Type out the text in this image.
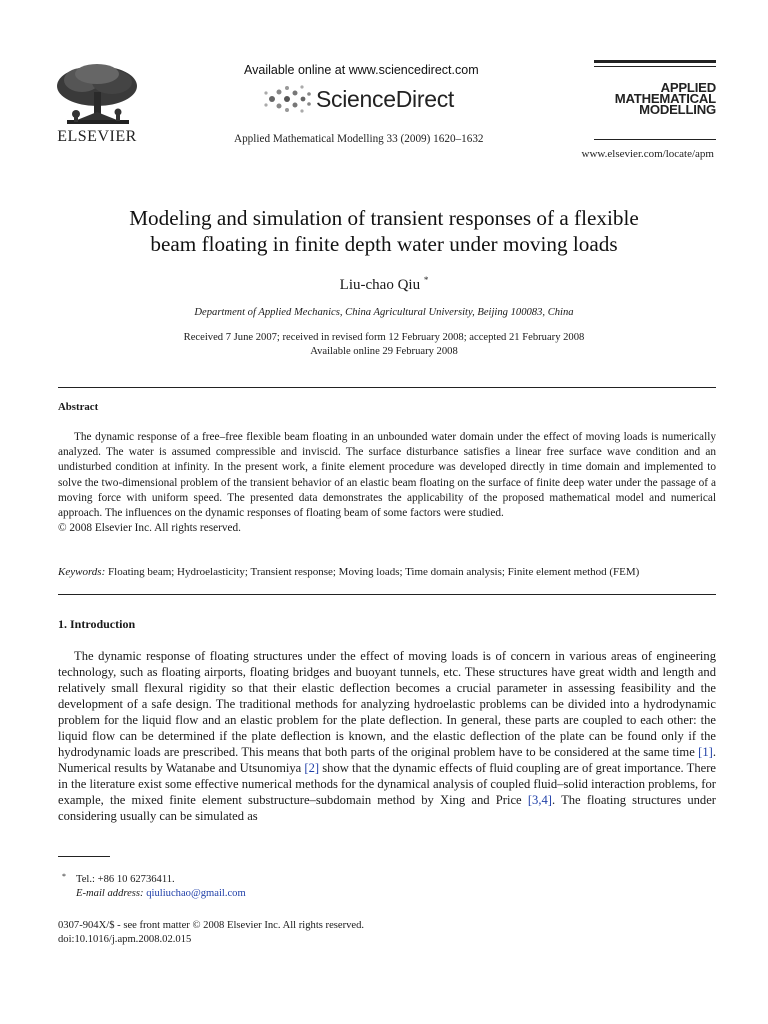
ELSEVIER
Available online at www.sciencedirect.com
ScienceDirect
Applied Mathematical Modelling 33 (2009) 1620–1632
APPLIED
MATHEMATICAL
MODELLING
www.elsevier.com/locate/apm
Modeling and simulation of transient responses of a flexible
beam floating in finite depth water under moving loads
Liu-chao Qiu *
Department of Applied Mechanics, China Agricultural University, Beijing 100083, China
Received 7 June 2007; received in revised form 12 February 2008; accepted 21 February 2008
Available online 29 February 2008
Abstract

The dynamic response of a free–free flexible beam floating in an unbounded water domain under the effect of moving loads is numerically analyzed. The water is assumed compressible and inviscid. The surface disturbance satisfies a linear free surface wave condition and an undisturbed condition at infinity. In the present work, a finite element procedure was developed directly in time domain and implemented to solve the two-dimensional problem of the transient behavior of an elastic beam floating on the surface of finite deep water under the passage of a moving force with uniform speed. The presented data demonstrates the applicability of the proposed mathematical model and numerical approach. The influences on the dynamic responses of floating beam of some factors were studied.

© 2008 Elsevier Inc. All rights reserved.

Keywords: Floating beam; Hydroelasticity; Transient response; Moving loads; Time domain analysis; Finite element method (FEM)
1. Introduction

The dynamic response of floating structures under the effect of moving loads is of concern in various areas of engineering technology, such as floating airports, floating bridges and buoyant tunnels, etc. These structures have great width and length and relatively small flexural rigidity so that their elastic deflection becomes a crucial parameter in assessing feasibility and the development of a safe design. The traditional methods for analyzing hydroelastic problems can be divided into a hydrodynamic problem for the liquid flow and an elastic problem for the plate deflection. In general, these parts are coupled to each other: the liquid flow can be determined if the plate deflection is known, and the elastic deflection of the plate can be found only if the hydrodynamic loads are prescribed. This means that both parts of the original problem have to be considered at the same time [1]. Numerical results by Watanabe and Utsunomiya [2] show that the dynamic effects of fluid coupling are of great importance. There in the literature exist some effective numerical methods for the dynamical analysis of coupled fluid–solid interaction problems, for example, the mixed finite element substructure–subdomain method by Xing and Price [3,4]. The floating structures under considering usually can be simulated as

* Tel.: +86 10 62736411.
E-mail address: qiuliuchao@gmail.com
0307-904X/$ - see front matter © 2008 Elsevier Inc. All rights reserved.
doi:10.1016/j.apm.2008.02.015
